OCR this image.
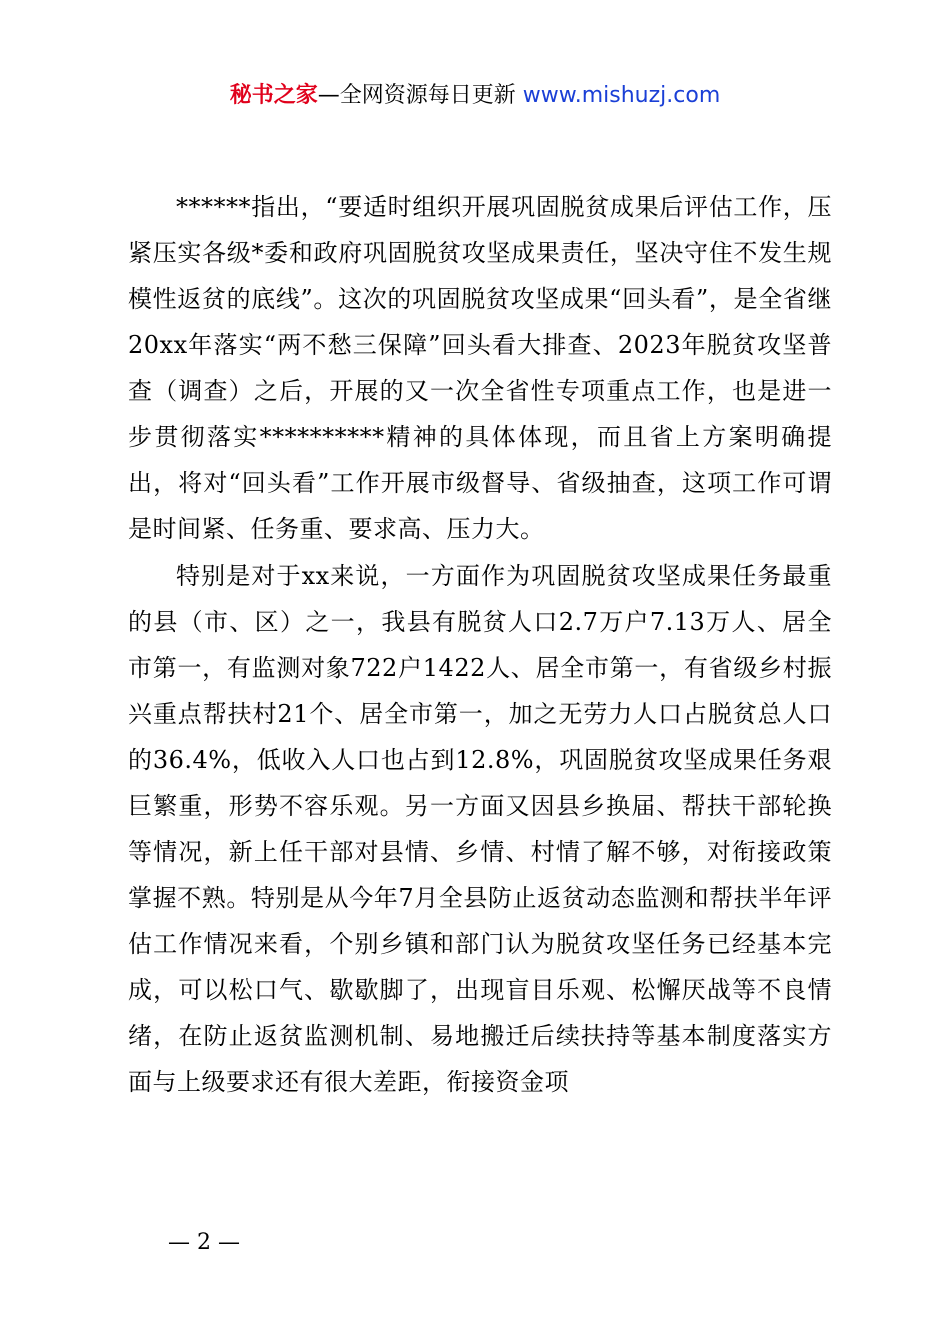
秘书之家—全网资源每日更新 www.mishuzj.com

******指出，“要适时组织开展巩固脱贫成果后评估工作，压紧压实各级*委和政府巩固脱贫攻坚成果责任，坚决守住不发生规模性返贫的底线”。这次的巩固脱贫攻坚成果“回头看”，是全省继20xx年落实“两不愁三保障”回头看大排查、2023年脱贫攻坚普查（调查）之后，开展的又一次全省性专项重点工作，也是进一步贯彻落实**********精神的具体体现，而且省上方案明确提出，将对“回头看”工作开展市级督导、省级抽查，这项工作可谓是时间紧、任务重、要求高、压力大。

特别是对于xx来说，一方面作为巩固脱贫攻坚成果任务最重的县（市、区）之一，我县有脱贫人口2.7万户7.13万人、居全市第一，有监测对象722户1422人、居全市第一，有省级乡村振兴重点帮扶村21个、居全市第一，加之无劳力人口占脱贫总人口的36.4%，低收入人口也占到12.8%，巩固脱贫攻坚成果任务艰巨繁重，形势不容乐观。另一方面又因县乡换届、帮扶干部轮换等情况，新上任干部对县情、乡情、村情了解不够，对衔接政策掌握不熟。特别是从今年7月全县防止返贫动态监测和帮扶半年评估工作情况来看，个别乡镇和部门认为脱贫攻坚任务已经基本完成，可以松口气、歇歇脚了，出现盲目乐观、松懈厌战等不良情绪，在防止返贫监测机制、易地搬迁后续扶持等基本制度落实方面与上级要求还有很大差距，衔接资金项

— 2 —
